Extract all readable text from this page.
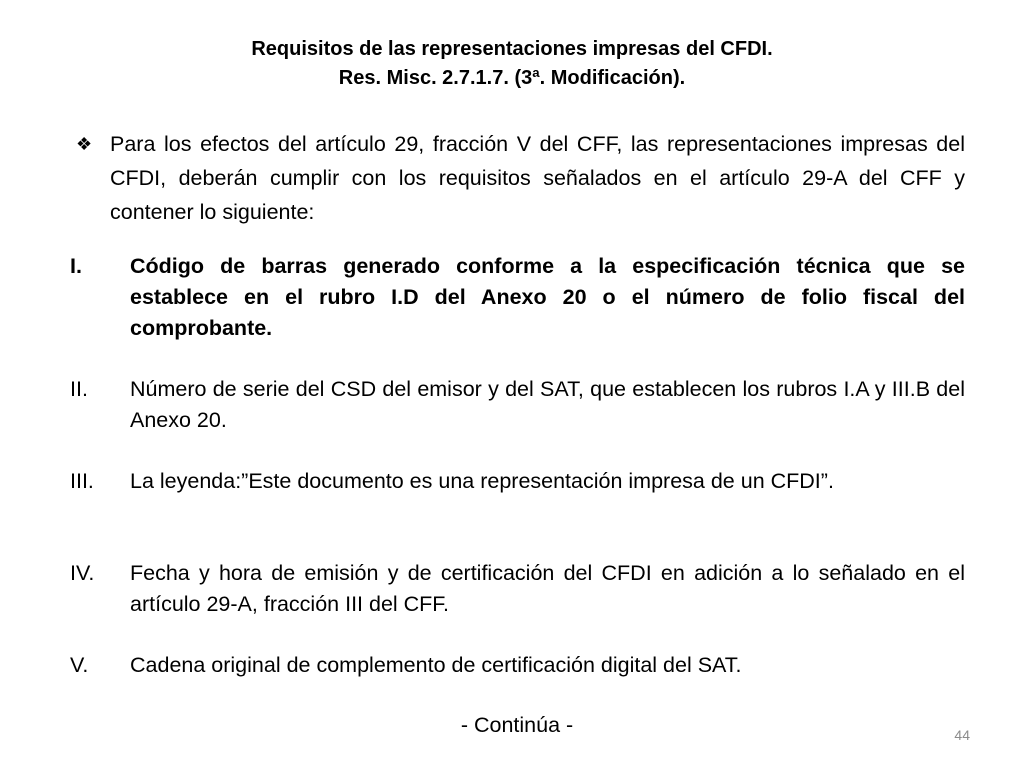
Requisitos de las representaciones impresas del CFDI.
Res. Misc. 2.7.1.7. (3ª. Modificación).
❖ Para los efectos del artículo 29, fracción V del CFF, las representaciones impresas del CFDI, deberán cumplir con los requisitos señalados en el artículo 29-A del CFF y contener lo siguiente:
I. Código de barras generado conforme a la especificación técnica que se establece en el rubro I.D del Anexo 20 o el número de folio fiscal del comprobante.
II. Número de serie del CSD del emisor y del SAT, que establecen los rubros I.A y III.B del Anexo 20.
III. La leyenda:”Este documento es una representación impresa de un CFDI”.
IV. Fecha y hora de emisión y de certificación del CFDI en adición a lo señalado en el artículo 29-A, fracción III del CFF.
V. Cadena original de complemento de certificación digital del SAT.
- Continúa -	44
